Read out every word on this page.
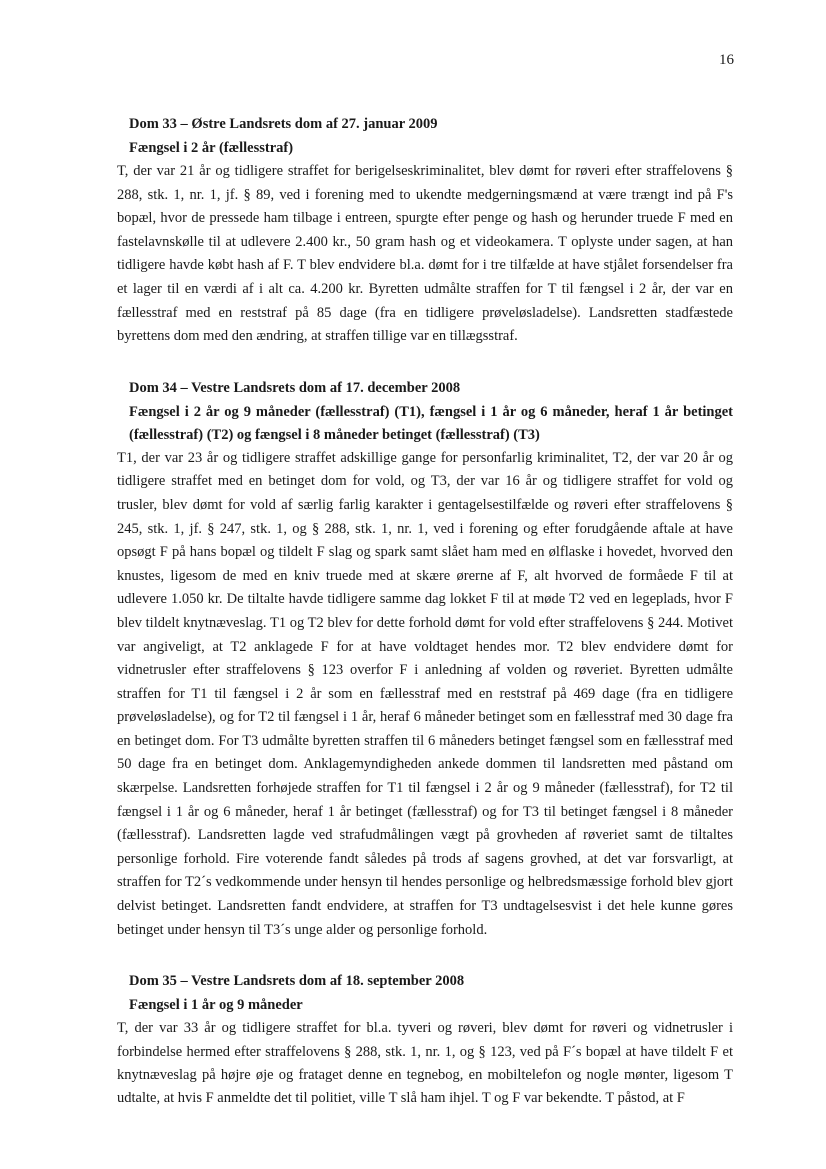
16
Dom 33 – Østre Landsrets dom af 27. januar 2009

Fængsel i 2 år (fællesstraf)

T, der var 21 år og tidligere straffet for berigelseskriminalitet, blev dømt for røveri efter straffelovens § 288, stk. 1, nr. 1, jf. § 89, ved i forening med to ukendte medgerningsmænd at være trængt ind på F's bopæl, hvor de pressede ham tilbage i entreen, spurgte efter penge og hash og herunder truede F med en fastelavnskølle til at udlevere 2.400 kr., 50 gram hash og et videokamera. T oplyste under sagen, at han tidligere havde købt hash af F. T blev endvidere bl.a. dømt for i tre tilfælde at have stjålet forsendelser fra et lager til en værdi af i alt ca. 4.200 kr. Byretten udmålte straffen for T til fængsel i 2 år, der var en fællesstraf med en reststraf på 85 dage (fra en tidligere prøveløsladelse). Landsretten stadfæstede byrettens dom med den ændring, at straffen tillige var en tillægsstraf.

Dom 34 – Vestre Landsrets dom af 17. december 2008

Fængsel i 2 år og 9 måneder (fællesstraf) (T1), fængsel i 1 år og 6 måneder, heraf 1 år betinget (fællesstraf) (T2) og fængsel i 8 måneder betinget (fællesstraf) (T3)

T1, der var 23 år og tidligere straffet adskillige gange for personfarlig kriminalitet, T2, der var 20 år og tidligere straffet med en betinget dom for vold, og T3, der var 16 år og tidligere straffet for vold og trusler, blev dømt for vold af særlig farlig karakter i gentagelsestilfælde og røveri efter straffelovens § 245, stk. 1, jf. § 247, stk. 1, og § 288, stk. 1, nr. 1, ved i forening og efter forudgående aftale at have opsøgt F på hans bopæl og tildelt F slag og spark samt slået ham med en ølflaske i hovedet, hvorved den knustes, ligesom de med en kniv truede med at skære ørerne af F, alt hvorved de formåede F til at udlevere 1.050 kr. De tiltalte havde tidligere samme dag lokket F til at møde T2 ved en legeplads, hvor F blev tildelt knytnæveslag. T1 og T2 blev for dette forhold dømt for vold efter straffelovens § 244. Motivet var angiveligt, at T2 anklagede F for at have voldtaget hendes mor. T2 blev endvidere dømt for vidnetrusler efter straffelovens § 123 overfor F i anledning af volden og røveriet. Byretten udmålte straffen for T1 til fængsel i 2 år som en fællesstraf med en reststraf på 469 dage (fra en tidligere prøveløsladelse), og for T2 til fængsel i 1 år, heraf 6 måneder betinget som en fællesstraf med 30 dage fra en betinget dom. For T3 udmålte byretten straffen til 6 måneders betinget fængsel som en fællesstraf med 50 dage fra en betinget dom. Anklagemyndigheden ankede dommen til landsretten med påstand om skærpelse. Landsretten forhøjede straffen for T1 til fængsel i 2 år og 9 måneder (fællesstraf), for T2 til fængsel i 1 år og 6 måneder, heraf 1 år betinget (fællesstraf) og for T3 til betinget fængsel i 8 måneder (fællesstraf). Landsretten lagde ved strafudmålingen vægt på grovheden af røveriet samt de tiltaltes personlige forhold. Fire voterende fandt således på trods af sagens grovhed, at det var forsvarligt, at straffen for T2´s vedkommende under hensyn til hendes personlige og helbredsmæssige forhold blev gjort delvist betinget. Landsretten fandt endvidere, at straffen for T3 undtagelsesvist i det hele kunne gøres betinget under hensyn til T3´s unge alder og personlige forhold.

Dom 35 – Vestre Landsrets dom af 18. september 2008

Fængsel i 1 år og 9 måneder

T, der var 33 år og tidligere straffet for bl.a. tyveri og røveri, blev dømt for røveri og vidnetrusler i forbindelse hermed efter straffelovens § 288, stk. 1, nr. 1, og § 123, ved på F´s bopæl at have tildelt F et knytnæveslag på højre øje og frataget denne en tegnebog, en mobiltelefon og nogle mønter, ligesom T udtalte, at hvis F anmeldte det til politiet, ville T slå ham ihjel. T og F var bekendte. T påstod, at F
